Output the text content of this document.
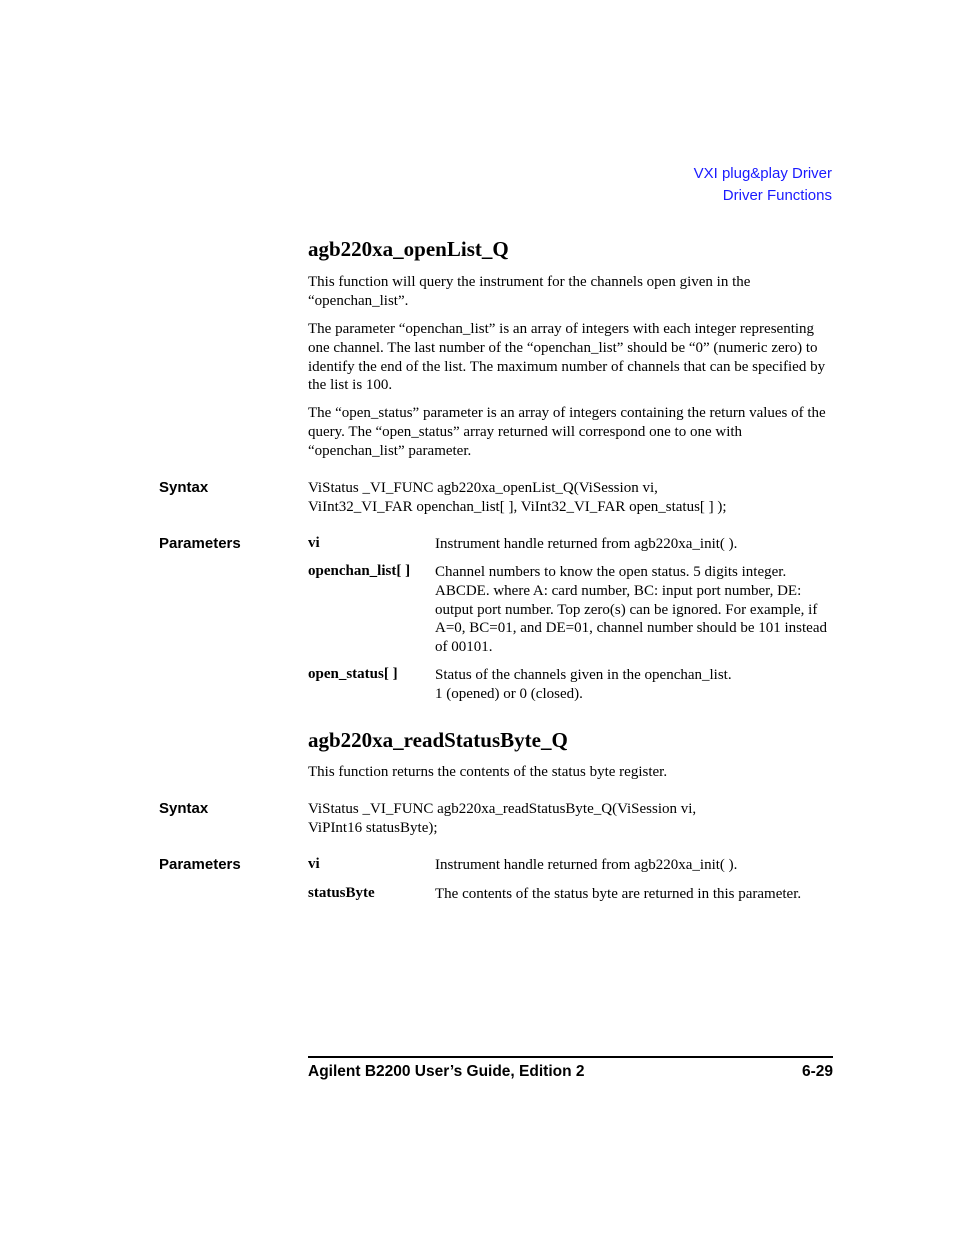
VXI plug&play Driver
Driver Functions
agb220xa_openList_Q

This function will query the instrument for the channels open given in the “openchan_list”.

The parameter “openchan_list” is an array of integers with each integer representing one channel. The last number of the “openchan_list” should be “0” (numeric zero) to identify the end of the list. The maximum number of channels that can be specified by the list is 100.

The “open_status” parameter is an array of integers containing the return values of the query. The “open_status” array returned will correspond one to one with “openchan_list” parameter.

Syntax	ViStatus _VI_FUNC agb220xa_openList_Q(ViSession vi,
ViInt32_VI_FAR openchan_list[ ], ViInt32_VI_FAR open_status[ ] );
Parameters	vi	Instrument handle returned from agb220xa_init( ).
openchan_list[ ] Channel numbers to know the open status. 5 digits integer. ABCDE. where A: card number, BC: input port number, DE: output port number. Top zero(s) can be ignored. For example, if A=0, BC=01, and DE=01, channel number should be 101 instead of 00101.
open_status[ ] Status of the channels given in the openchan_list.
1 (opened) or 0 (closed).
agb220xa_readStatusByte_Q

This function returns the contents of the status byte register.

Syntax	ViStatus _VI_FUNC agb220xa_readStatusByte_Q(ViSession vi,
ViPInt16 statusByte);
Parameters	vi	Instrument handle returned from agb220xa_init( ).
statusByte	The contents of the status byte are returned in this parameter.
Agilent B2200 User’s Guide, Edition 2	6-29
